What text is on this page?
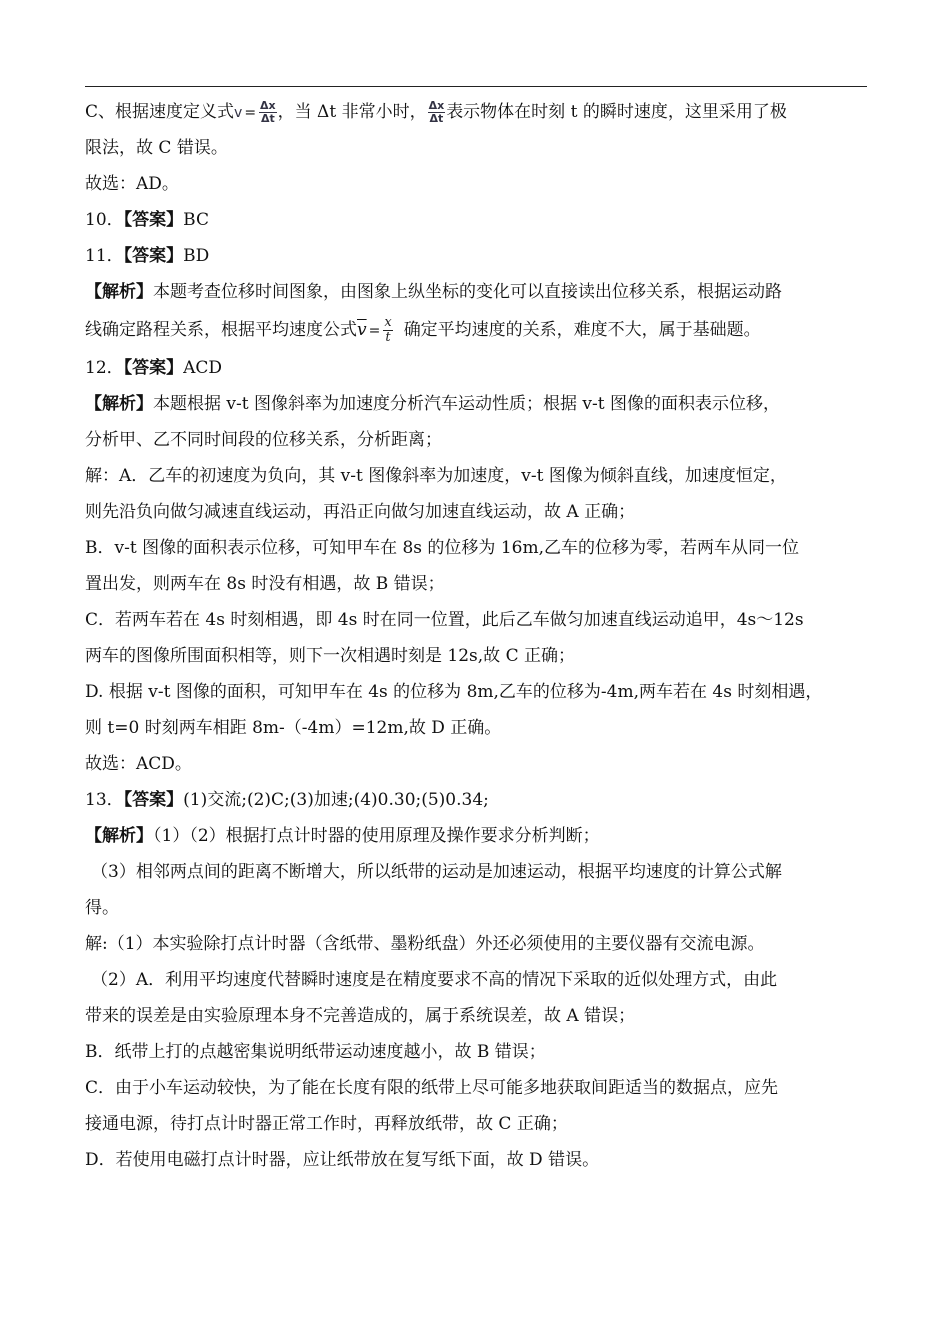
C、根据速度定义式$v = \frac{\Delta x}{\Delta t}$ ，当 Δt 非常小时， $\frac{\Delta x}{\Delta t}$ 表示物体在时刻 t 的瞬时速度，这里采用了极
限法，故 C 错误。
故选：AD。
10．【答案】BC
11．【答案】BD
【解析】本题考查位移时间图象，由图象上纵坐标的变化可以直接读出位移关系，根据运动路
线确定路程关系，根据平均速度公式$\overline{v} = \frac{x}{t}$ 确定平均速度的关系，难度不大，属于基础题。
12．【答案】ACD
【解析】本题根据 v-t 图像斜率为加速度分析汽车运动性质；根据 v-t 图像的面积表示位移，
分析甲、乙不同时间段的位移关系，分析距离；
解：A．乙车的初速度为负向，其 v-t 图像斜率为加速度，v-t 图像为倾斜直线，加速度恒定，
则先沿负向做匀减速直线运动，再沿正向做匀加速直线运动，故 A 正确；
B．v-t 图像的面积表示位移，可知甲车在 8s 的位移为 16m,乙车的位移为零，若两车从同一位
置出发，则两车在 8s 时没有相遇，故 B 错误；
C．若两车若在 4s 时刻相遇，即 4s 时在同一位置，此后乙车做匀加速直线运动追甲，4s～12s
两车的图像所围面积相等，则下一次相遇时刻是 12s,故 C 正确；
D. 根据 v-t 图像的面积，可知甲车在 4s 的位移为 8m,乙车的位移为-4m,两车若在 4s 时刻相遇，
则 t=0 时刻两车相距 8m-（-4m）=12m,故 D 正确。
故选：ACD。
13．【答案】(1)交流;(2)C;(3)加速;(4)0.30;(5)0.34;
【解析】（1）（2）根据打点计时器的使用原理及操作要求分析判断；
（3）相邻两点间的距离不断增大，所以纸带的运动是加速运动，根据平均速度的计算公式解
得。
解:（1）本实验除打点计时器（含纸带、墨粉纸盘）外还必须使用的主要仪器有交流电源。
（2）A．利用平均速度代替瞬时速度是在精度要求不高的情况下采取的近似处理方式，由此
带来的误差是由实验原理本身不完善造成的，属于系统误差，故 A 错误；
B．纸带上打的点越密集说明纸带运动速度越小，故 B 错误；
C．由于小车运动较快，为了能在长度有限的纸带上尽可能多地获取间距适当的数据点，应先
接通电源，待打点计时器正常工作时，再释放纸带，故 C 正确；
D．若使用电磁打点计时器，应让纸带放在复写纸下面，故 D 错误。
